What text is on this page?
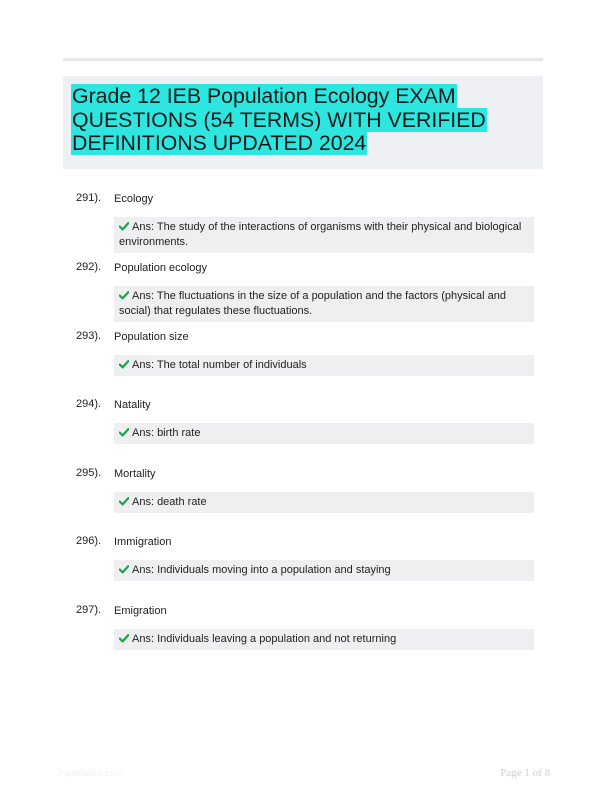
Grade 12 IEB Population Ecology EXAM QUESTIONS (54 TERMS) WITH VERIFIED DEFINITIONS UPDATED 2024
291). Ecology
Ans: The study of the interactions of organisms with their physical and biological environments.
292). Population ecology
Ans: The fluctuations in the size of a population and the factors (physical and social) that regulates these fluctuations.
293). Population size
Ans: The total number of individuals
294). Natality
Ans: birth rate
295). Mortality
Ans: death rate
296). Immigration
Ans: Individuals moving into a population and staying
297). Emigration
Ans: Individuals leaving a population and not returning
Paperwebs.com	Page 1 of 8
